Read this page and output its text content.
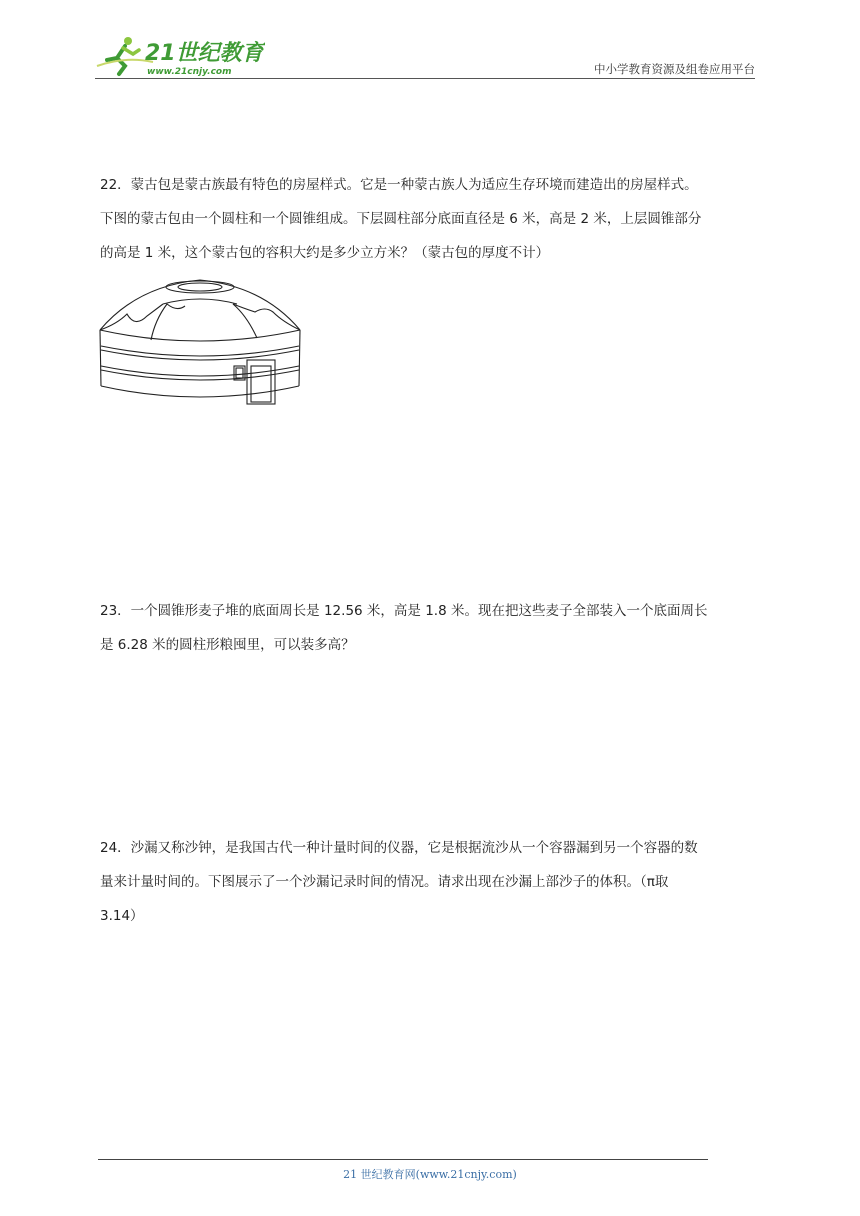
21世纪教育
www.21cnjy.com	中小学教育资源及组卷应用平台
22．蒙古包是蒙古族最有特色的房屋样式。它是一种蒙古族人为适应生存环境而建造出的房屋样式。
下图的蒙古包由一个圆柱和一个圆锥组成。下层圆柱部分底面直径是 6 米，高是 2 米，上层圆锥部分
的高是 1 米，这个蒙古包的容积大约是多少立方米？（蒙古包的厚度不计）
23．一个圆锥形麦子堆的底面周长是 12.56 米，高是 1.8 米。现在把这些麦子全部装入一个底面周长
是 6.28 米的圆柱形粮囤里，可以装多高？
24．沙漏又称沙钟，是我国古代一种计量时间的仪器，它是根据流沙从一个容器漏到另一个容器的数
量来计量时间的。下图展示了一个沙漏记录时间的情况。请求出现在沙漏上部沙子的体积。（π取
3.14）
21 世纪教育网(www.21cnjy.com)
